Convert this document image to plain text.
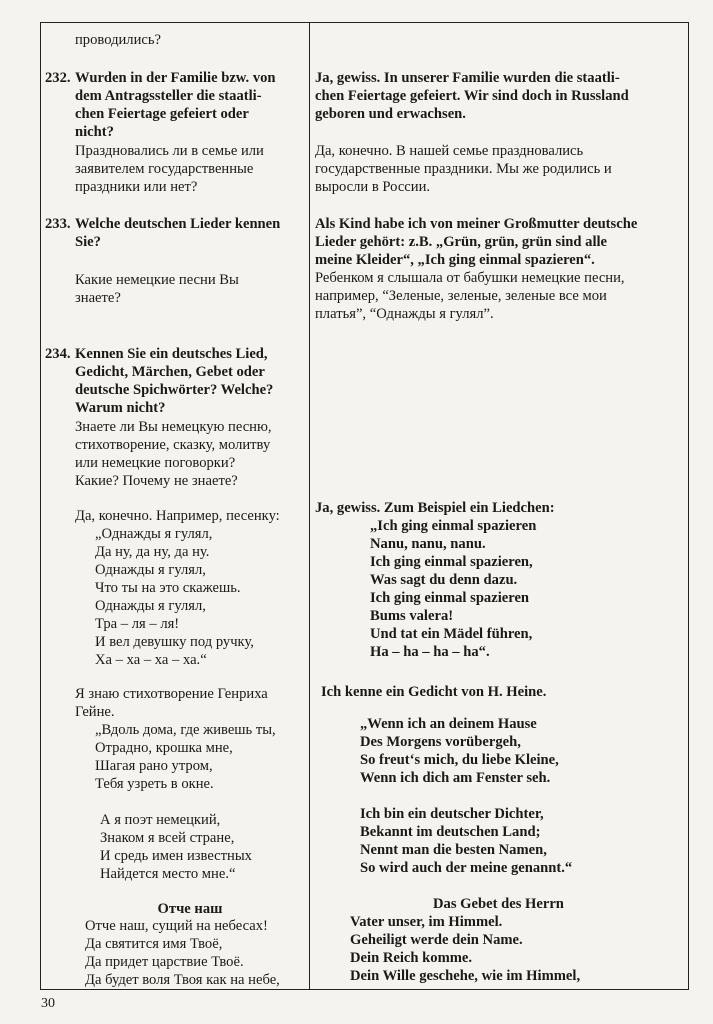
проводились?
232. Wurden in der Familie bzw. von
dem Antragssteller die staatli-
chen Feiertage gefeiert oder
nicht?
Праздновались ли в семье или
заявителем государственные
праздники или нет?
Ja, gewiss. In unserer Familie wurden die staatli-
chen Feiertage gefeiert. Wir sind doch in Russland
geboren und erwachsen.
Да, конечно. В нашей семье праздновались
государственные праздники. Мы же родились и
выросли в России.
233. Welche deutschen Lieder kennen
Sie?
Какие немецкие песни Вы
знаете?
Als Kind habe ich von meiner Großmutter deutsche
Lieder gehört: z.B. „Grün, grün, grün sind alle
meine Kleider“, „Ich ging einmal spazieren“.
Ребенком я слышала от бабушки немецкие песни,
например, “Зеленые, зеленые, зеленые все мои
платья”, “Однажды я гулял”.
234. Kennen Sie ein deutsches Lied,
Gedicht, Märchen, Gebet oder
deutsche Spichwörter? Welche?
Warum nicht?
Знаете ли Вы немецкую песню,
стихотворение, сказку, молитву
или немецкие поговорки?
Какие? Почему не знаете?
Да, конечно. Например, песенку:
„Однажды я гулял,
Да ну, да ну, да ну.
Однажды я гулял,
Что ты на это скажешь.
Однажды я гулял,
Тра – ля – ля!
И вел девушку под ручку,
Ха – ха – ха – ха.“
Ja, gewiss. Zum Beispiel ein Liedchen:
„Ich ging einmal spazieren
Nanu, nanu, nanu.
Ich ging einmal spazieren,
Was sagt du denn dazu.
Ich ging einmal spazieren
Bums valera!
Und tat ein Mädel führen,
Ha – ha – ha – ha“.
Я знаю стихотворение Генриха
Гейне.
„Вдоль дома, где живешь ты,
Отрадно, крошка мне,
Шагая рано утром,
Тебя узреть в окне.
А я поэт немецкий,
Знаком я всей стране,
И средь имен известных
Найдется место мне.“
Ich kenne ein Gedicht von H. Heine.
„Wenn ich an deinem Hause
Des Morgens vorübergeh,
So freut‘s mich, du liebe Kleine,
Wenn ich dich am Fenster seh.
Ich bin ein deutscher Dichter,
Bekannt im deutschen Land;
Nennt man die besten Namen,
So wird auch der meine genannt.“
Отче наш
Отче наш, сущий на небесах!
Да святится имя Твоё,
Да придет царствие Твоё.
Да будет воля Твоя как на небе,
Das Gebet des Herrn
Vater unser, im Himmel.
Geheiligt werde dein Name.
Dein Reich komme.
Dein Wille geschehe, wie im Himmel,
30
